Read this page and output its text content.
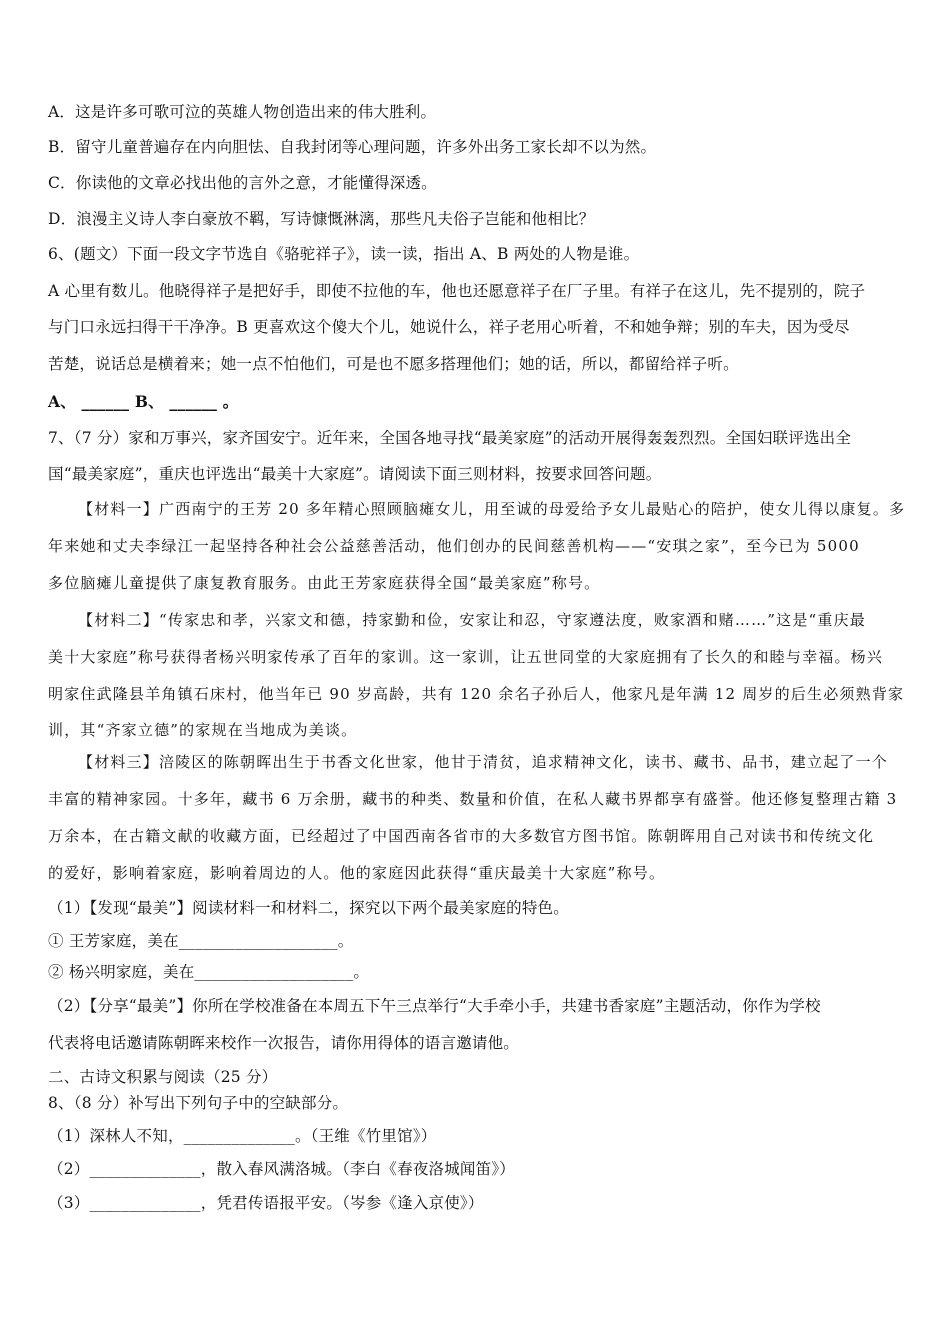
A．这是许多可歌可泣的英雄人物创造出来的伟大胜利。
B．留守儿童普遍存在内向胆怯、自我封闭等心理问题，许多外出务工家长却不以为然。
C．你读他的文章必找出他的言外之意，才能懂得深透。
D．浪漫主义诗人李白豪放不羁，写诗慷慨淋漓，那些凡夫俗子岂能和他相比？
6、(题文）下面一段文字节选自《骆驼祥子》，读一读，指出 A、B 两处的人物是谁。
A 心里有数儿。他晓得祥子是把好手，即使不拉他的车，他也还愿意祥子在厂子里。有祥子在这儿，先不提别的，院子
与门口永远扫得干干净净。B 更喜欢这个傻大个儿，她说什么，祥子老用心听着，不和她争辩；别的车夫，因为受尽
苦楚，说话总是横着来；她一点不怕他们，可是也不愿多搭理他们；她的话，所以，都留给祥子听。
A、 ______ B、 ______ 。
7、（7 分）家和万事兴，家齐国安宁。近年来，全国各地寻找“最美家庭”的活动开展得轰轰烈烈。全国妇联评选出全
国“最美家庭”，重庆也评选出“最美十大家庭”。请阅读下面三则材料，按要求回答问题。
【材料一】广西南宁的王芳 20 多年精心照顾脑瘫女儿，用至诚的母爱给予女儿最贴心的陪护，使女儿得以康复。多
年来她和丈夫李绿江一起坚持各种社会公益慈善活动，他们创办的民间慈善机构——“安琪之家”，至今已为 5000
多位脑瘫儿童提供了康复教育服务。由此王芳家庭获得全国“最美家庭”称号。
【材料二】“传家忠和孝，兴家文和德，持家勤和俭，安家让和忍，守家遵法度，败家酒和赌……”这是“重庆最
美十大家庭”称号获得者杨兴明家传承了百年的家训。这一家训，让五世同堂的大家庭拥有了长久的和睦与幸福。杨兴
明家住武隆县羊角镇石床村，他当年已 90 岁高龄，共有 120 余名子孙后人，他家凡是年满 12 周岁的后生必须熟背家
训，其“齐家立德”的家规在当地成为美谈。
【材料三】涪陵区的陈朝晖出生于书香文化世家，他甘于清贫，追求精神文化，读书、藏书、品书，建立起了一个
丰富的精神家园。十多年，藏书 6 万余册，藏书的种类、数量和价值，在私人藏书界都享有盛誉。他还修复整理古籍 3
万余本，在古籍文献的收藏方面，已经超过了中国西南各省市的大多数官方图书馆。陈朝晖用自己对读书和传统文化
的爱好，影响着家庭，影响着周边的人。他的家庭因此获得“重庆最美十大家庭”称号。
（1）【发现“最美”】阅读材料一和材料二，探究以下两个最美家庭的特色。
① 王芳家庭，美在____________________。
② 杨兴明家庭，美在____________________。
（2）【分享“最美”】你所在学校准备在本周五下午三点举行“大手牵小手，共建书香家庭”主题活动，你作为学校
代表将电话邀请陈朝晖来校作一次报告，请你用得体的语言邀请他。
二、古诗文积累与阅读（25 分）
8、（8 分）补写出下列句子中的空缺部分。
（1）深林人不知，______________。（王维《竹里馆》）
（2）______________，散入春风满洛城。（李白《春夜洛城闻笛》）
（3）______________，凭君传语报平安。（岑参《逢入京使》）
